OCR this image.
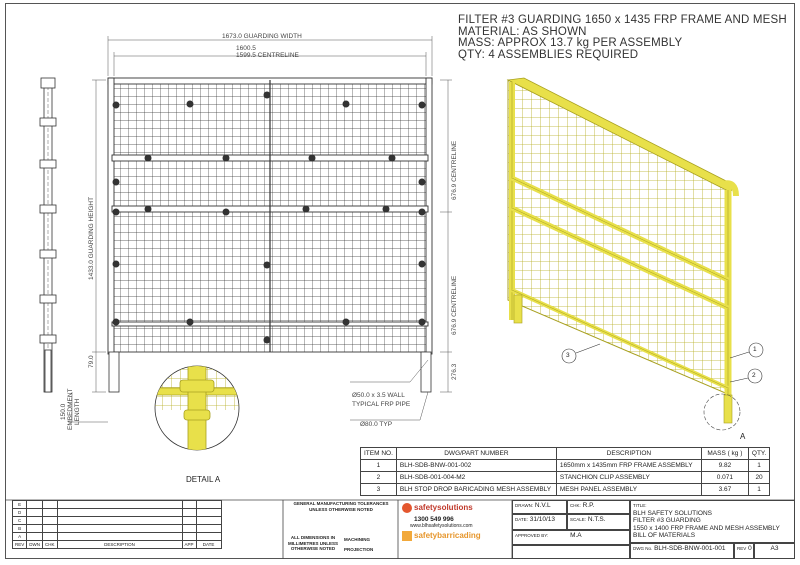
FILTER #3 GUARDING 1650 x 1435 FRP FRAME AND MESH
MATERIAL: AS SHOWN
MASS: APPROX 13.7 kg PER ASSEMBLY
QTY: 4 ASSEMBLIES REQUIRED
1673.0 GUARDING WIDTH
1600.5
1599.5 CENTRELINE
1433.0 GUARDING HEIGHT
676.9 CENTRELINE
676.9 CENTRELINE
79.0
276.3
150.0 EMBEDMENT LENGTH
Ø50.0 x 3.5 WALL
TYPICAL FRP PIPE
Ø80.0 TYP
DETAIL A
A
1
2
3
ITEM NO.	DWG/PART NUMBER	DESCRIPTION	MASS ( kg )	QTY.
1	BLH-SDB-BNW-001-002	1650mm x 1435mm FRP FRAME ASSEMBLY	9.82	1
2	BLH-SDB-001-004-M2	STANCHION CLIP ASSEMBLY	0.071	20
3	BLH STOP DROP BARICADING MESH ASSEMBLY	MESH PANEL ASSEMBLY	3.67	1
E					
D					
C					
B					
A					
REV	DWN	CHK	DESCRIPTION	APP	DATE
GENERAL MANUFACTURING TOLERANCES
UNLESS OTHERWISE NOTED
ALL DIMENSIONS IN
MILLIMETRES UNLESS
OTHERWISE NOTED
MACHINING
PROJECTION
safetysolutions
1300 549 996
www.blhsafetysolutions.com
safetybarricading
DRAWN: N.V.L	CHK: R.P.
DATE: 31/10/13	SCALE: N.T.S.
APPROVED BY:	M.A
TITLE:
BLH SAFETY SOLUTIONS
FILTER #3 GUARDING
1550 x 1400 FRP FRAME AND MESH ASSEMBLY
BILL OF MATERIALS
DWG No. BLH-SDB-BNW-001-001	REV 0	A3
